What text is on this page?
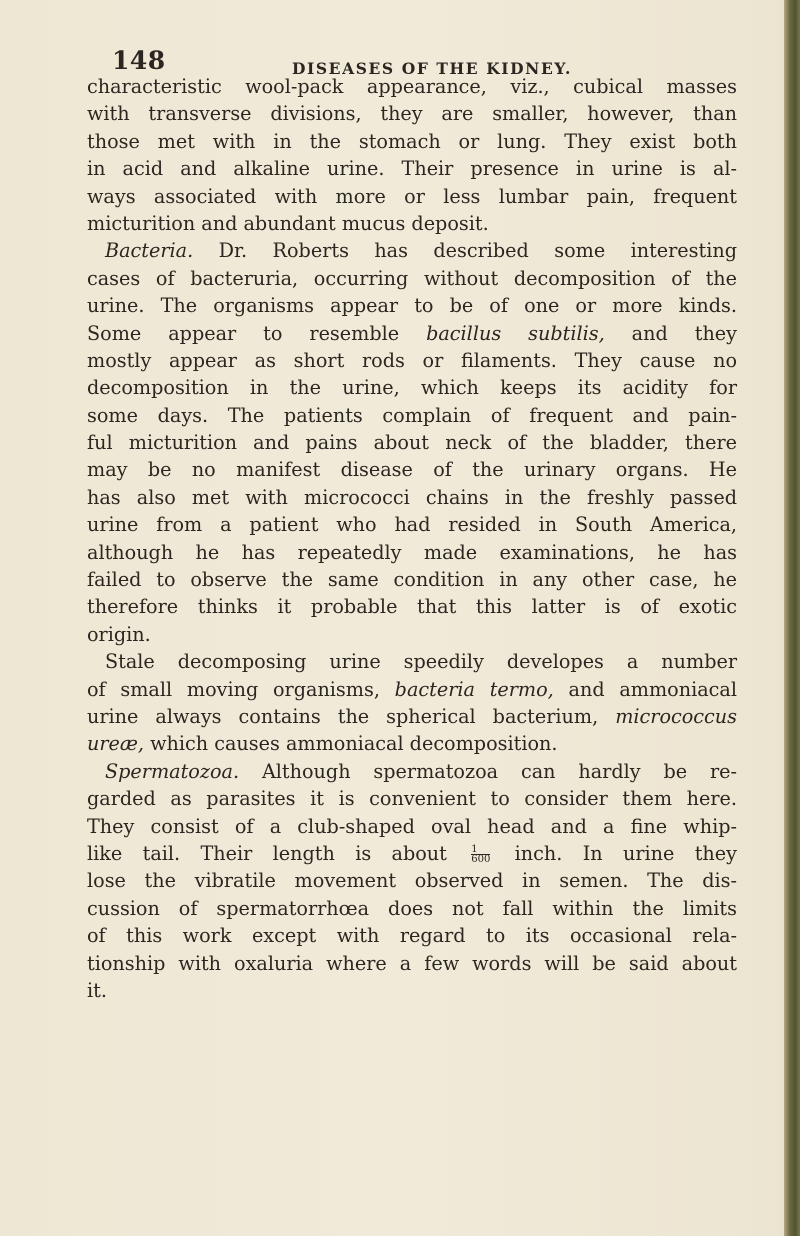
148	DISEASES OF THE KIDNEY.
characteristic wool-pack appearance, viz., cubical masses
with transverse divisions, they are smaller, however, than
those met with in the stomach or lung. They exist both
in acid and alkaline urine. Their presence in urine is al-
ways associated with more or less lumbar pain, frequent
micturition and abundant mucus deposit.
Bacteria. Dr. Roberts has described some interesting
cases of bacteruria, occurring without decomposition of the
urine. The organisms appear to be of one or more kinds.
Some appear to resemble bacillus subtilis, and they
mostly appear as short rods or filaments. They cause no
decomposition in the urine, which keeps its acidity for
some days. The patients complain of frequent and pain-
ful micturition and pains about neck of the bladder, there
may be no manifest disease of the urinary organs. He
has also met with micrococci chains in the freshly passed
urine from a patient who had resided in South America,
although he has repeatedly made examinations, he has
failed to observe the same condition in any other case, he
therefore thinks it probable that this latter is of exotic
origin.
Stale decomposing urine speedily developes a number
of small moving organisms, bacteria termo, and ammoniacal
urine always contains the spherical bacterium, micrococcus
ureæ, which causes ammoniacal decomposition.
Spermatozoa. Although spermatozoa can hardly be re-
garded as parasites it is convenient to consider them here.
They consist of a club-shaped oval head and a fine whip-
like tail. Their length is about $\frac{1}{600}$ inch. In urine they
lose the vibratile movement observed in semen. The dis-
cussion of spermatorrhœa does not fall within the limits
of this work except with regard to its occasional rela-
tionship with oxaluria where a few words will be said about
it.
